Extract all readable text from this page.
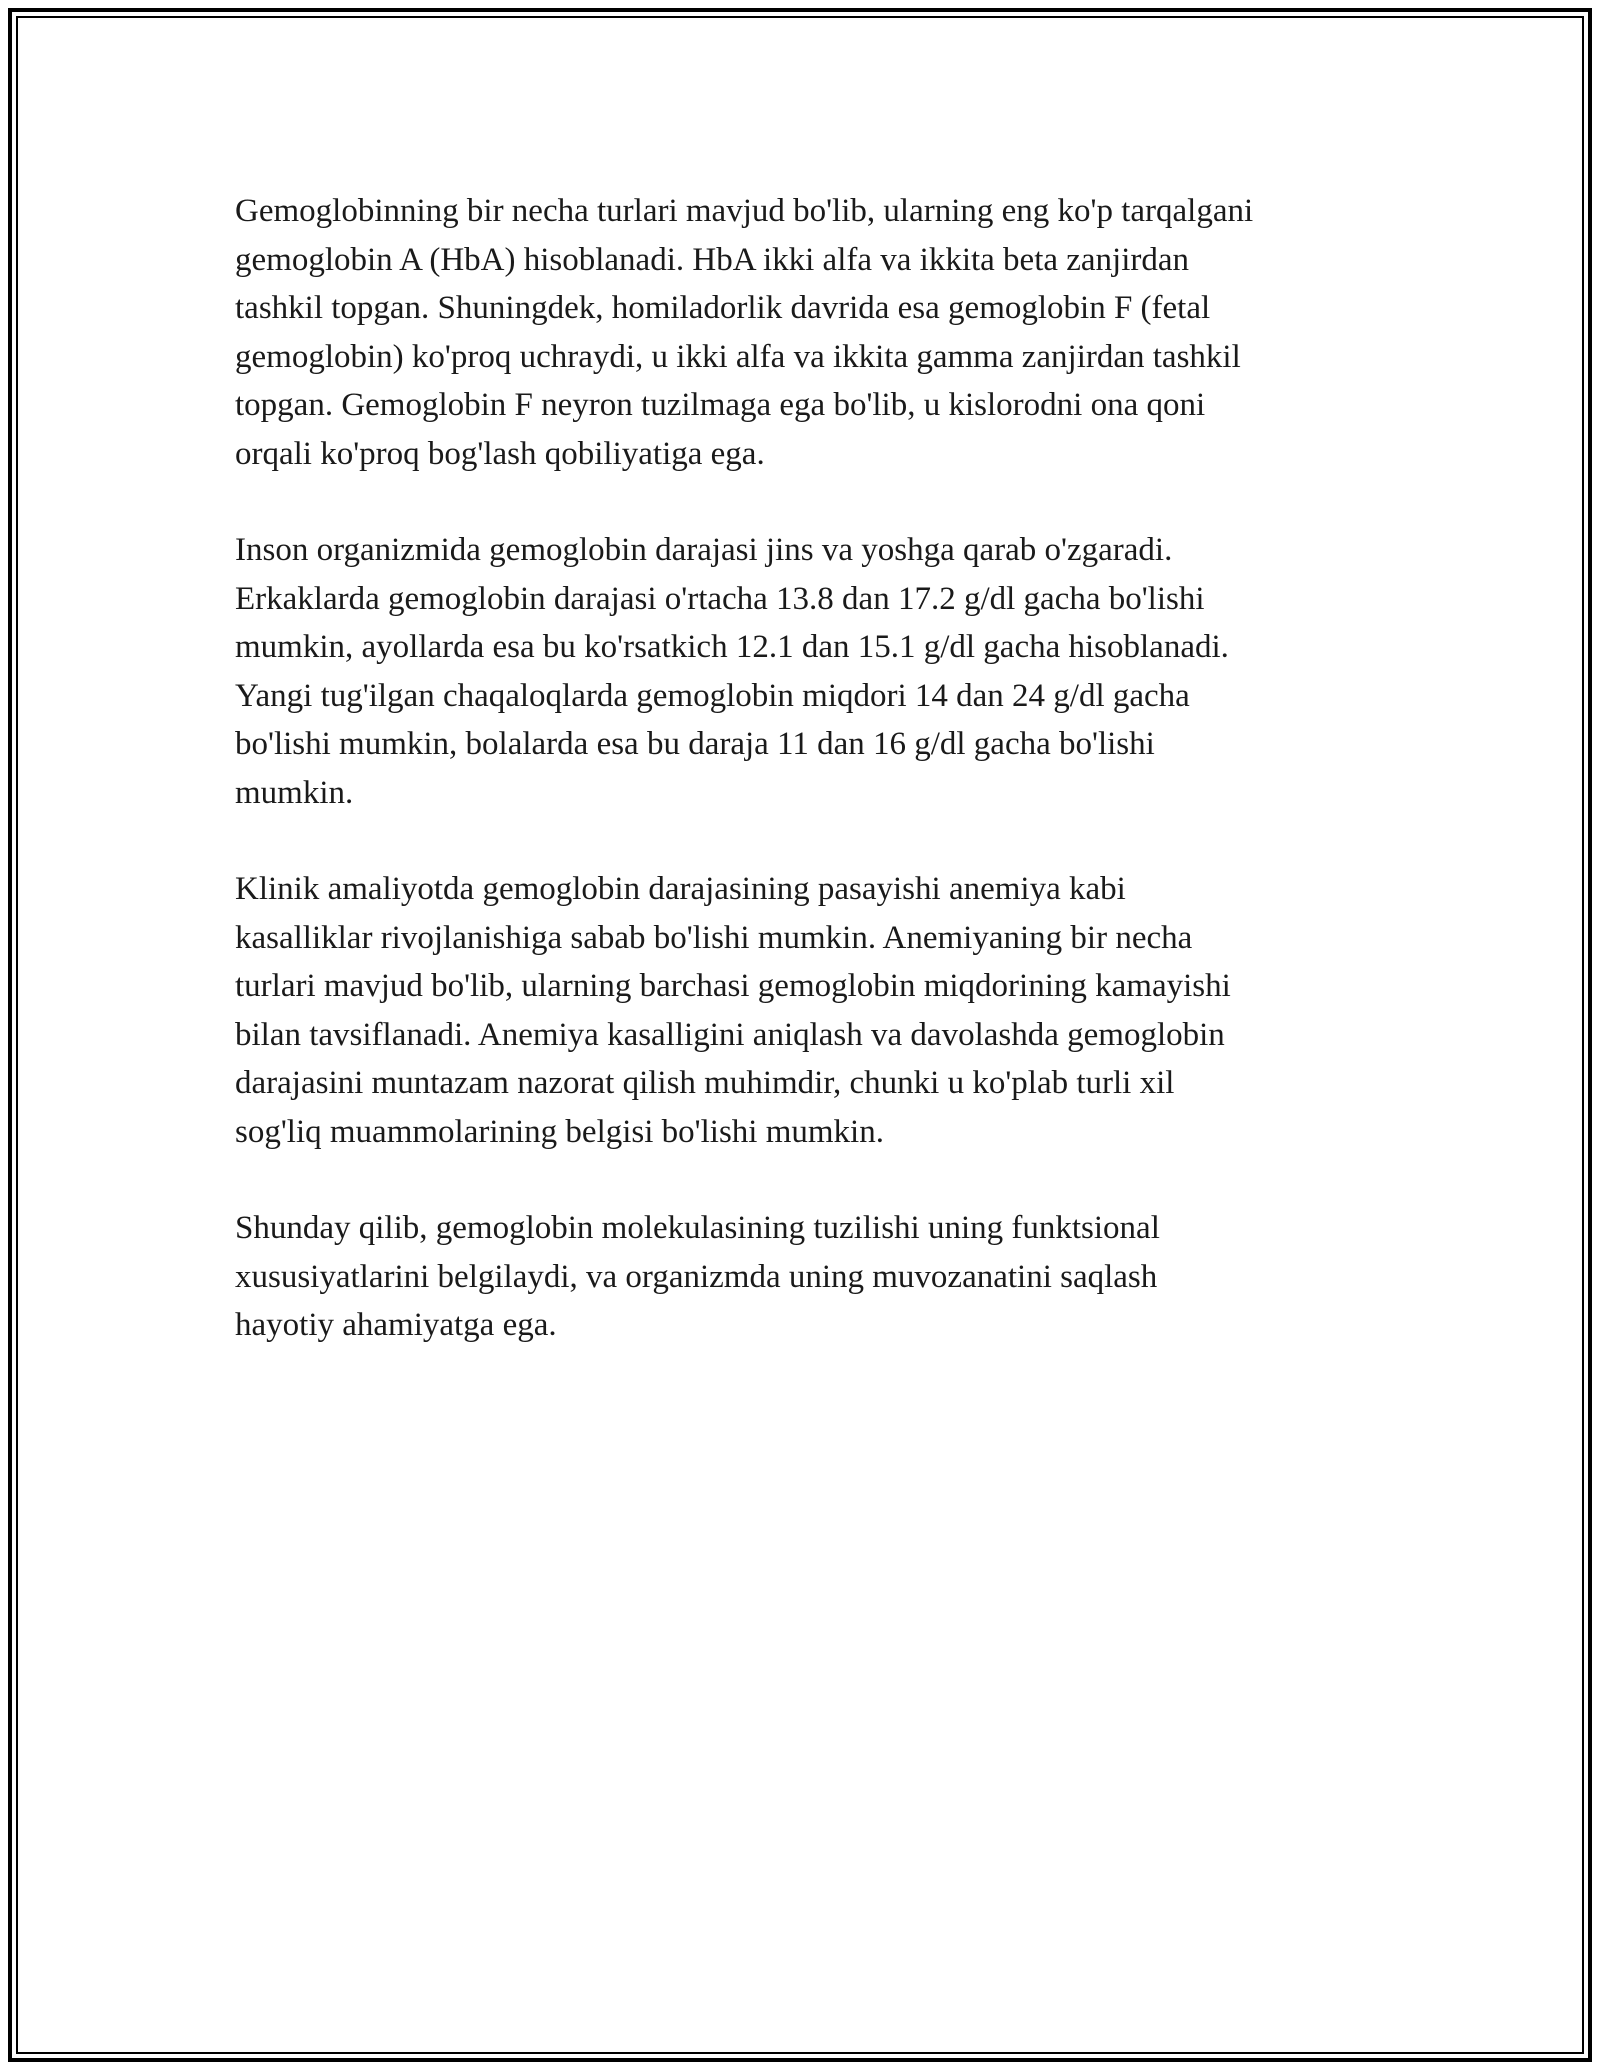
Gemoglobinning bir necha turlari mavjud bo'lib, ularning eng ko'p tarqalgani
gemoglobin A (HbA) hisoblanadi. HbA ikki alfa va ikkita beta zanjirdan
tashkil topgan. Shuningdek, homiladorlik davrida esa gemoglobin F (fetal
gemoglobin) ko'proq uchraydi, u ikki alfa va ikkita gamma zanjirdan tashkil
topgan. Gemoglobin F neyron tuzilmaga ega bo'lib, u kislorodni ona qoni
orqali ko'proq bog'lash qobiliyatiga ega.

Inson organizmida gemoglobin darajasi jins va yoshga qarab o'zgaradi.
Erkaklarda gemoglobin darajasi o'rtacha 13.8 dan 17.2 g/dl gacha bo'lishi
mumkin, ayollarda esa bu ko'rsatkich 12.1 dan 15.1 g/dl gacha hisoblanadi.
Yangi tug'ilgan chaqaloqlarda gemoglobin miqdori 14 dan 24 g/dl gacha
bo'lishi mumkin, bolalarda esa bu daraja 11 dan 16 g/dl gacha bo'lishi
mumkin.

Klinik amaliyotda gemoglobin darajasining pasayishi anemiya kabi
kasalliklar rivojlanishiga sabab bo'lishi mumkin. Anemiyaning bir necha
turlari mavjud bo'lib, ularning barchasi gemoglobin miqdorining kamayishi
bilan tavsiflanadi. Anemiya kasalligini aniqlash va davolashda gemoglobin
darajasini muntazam nazorat qilish muhimdir, chunki u ko'plab turli xil
sog'liq muammolarining belgisi bo'lishi mumkin.

Shunday qilib, gemoglobin molekulasining tuzilishi uning funktsional
xususiyatlarini belgilaydi, va organizmda uning muvozanatini saqlash
hayotiy ahamiyatga ega.
